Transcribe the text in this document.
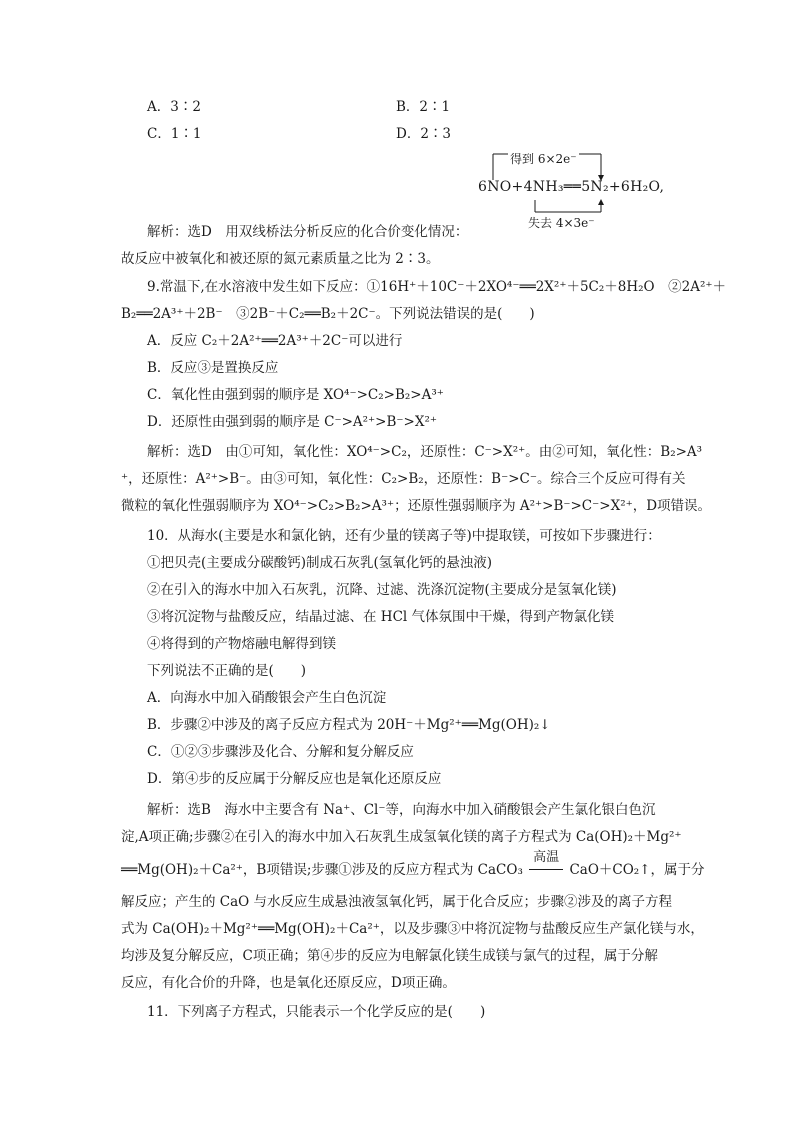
A．3∶2	B．2∶1
C．1∶1	D．2∶3
得到 6×2e⁻
6NO+4NH₃══5N₂+6H₂O,
失去 4×3e⁻
解析：选D　用双线桥法分析反应的化合价变化情况：
故反应中被氧化和被还原的氮元素质量之比为 2∶3。
9.常温下,在水溶液中发生如下反应：①16H⁺＋10C⁻＋2XO⁴⁻══2X²⁺＋5C₂＋8H₂O　②2A²⁺＋
B₂══2A³⁺＋2B⁻　③2B⁻＋C₂══B₂＋2C⁻。下列说法错误的是(　　)
A．反应 C₂＋2A²⁺══2A³⁺＋2C⁻可以进行
B．反应③是置换反应
C．氧化性由强到弱的顺序是 XO⁴⁻>C₂>B₂>A³⁺
D．还原性由强到弱的顺序是 C⁻>A²⁺>B⁻>X²⁺
解析：选D　由①可知，氧化性：XO⁴⁻>C₂，还原性：C⁻>X²⁺。由②可知，氧化性：B₂>A³
⁺，还原性：A²⁺>B⁻。由③可知，氧化性：C₂>B₂，还原性：B⁻>C⁻。综合三个反应可得有关
微粒的氧化性强弱顺序为 XO⁴⁻>C₂>B₂>A³⁺；还原性强弱顺序为 A²⁺>B⁻>C⁻>X²⁺，D项错误。
10．从海水(主要是水和氯化钠，还有少量的镁离子等)中提取镁，可按如下步骤进行：
①把贝壳(主要成分碳酸钙)制成石灰乳(氢氧化钙的悬浊液)
②在引入的海水中加入石灰乳，沉降、过滤、洗涤沉淀物(主要成分是氢氧化镁)
③将沉淀物与盐酸反应，结晶过滤、在 HCl 气体氛围中干燥，得到产物氯化镁
④将得到的产物熔融电解得到镁
下列说法不正确的是(　　)
A．向海水中加入硝酸银会产生白色沉淀
B．步骤②中涉及的离子反应方程式为 20H⁻＋Mg²⁺══Mg(OH)₂↓
C．①②③步骤涉及化合、分解和复分解反应
D．第④步的反应属于分解反应也是氧化还原反应
解析：选B　海水中主要含有 Na⁺、Cl⁻等，向海水中加入硝酸银会产生氯化银白色沉
淀,A项正确;步骤②在引入的海水中加入石灰乳生成氢氧化镁的离子方程式为 Ca(OH)₂＋Mg²⁺
══Mg(OH)₂＋Ca²⁺，B项错误;步骤①涉及的反应方程式为 CaCO₃
高温
CaO＋CO₂↑，属于分
解反应；产生的 CaO 与水反应生成悬浊液氢氧化钙，属于化合反应；步骤②涉及的离子方程
式为 Ca(OH)₂＋Mg²⁺══Mg(OH)₂＋Ca²⁺，以及步骤③中将沉淀物与盐酸反应生产氯化镁与水，
均涉及复分解反应，C项正确；第④步的反应为电解氯化镁生成镁与氯气的过程，属于分解
反应，有化合价的升降，也是氧化还原反应，D项正确。
11．下列离子方程式，只能表示一个化学反应的是(　　)
